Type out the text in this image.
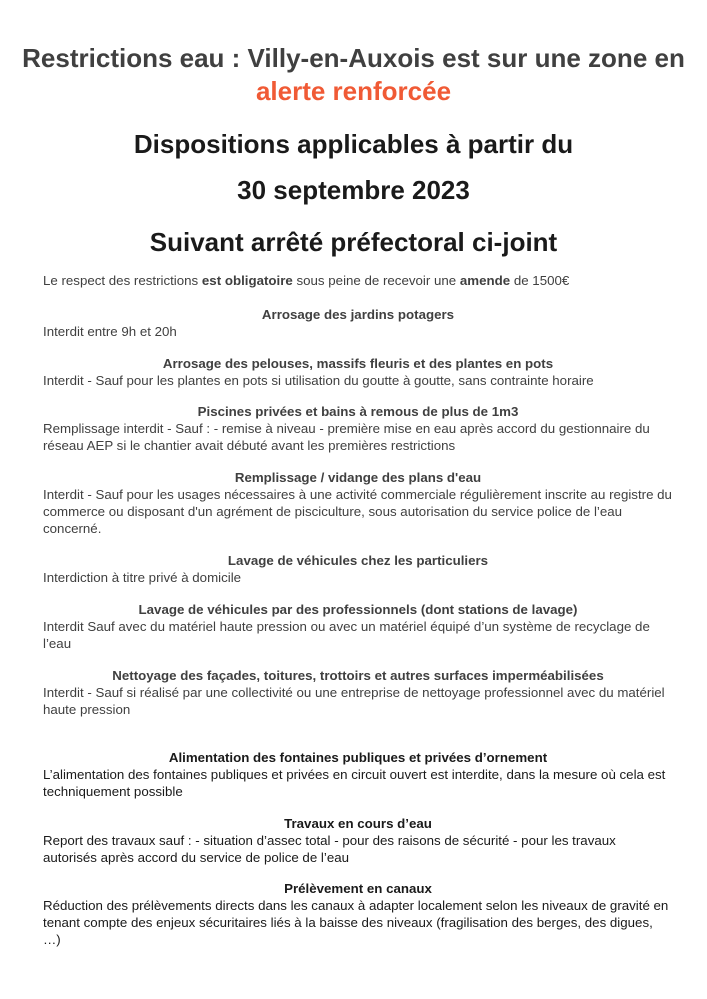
Restrictions eau : Villy-en-Auxois est sur une zone en alerte renforcée
Dispositions applicables à partir du
30 septembre 2023
Suivant arrêté préfectoral ci-joint
Le respect des restrictions est obligatoire sous peine de recevoir une amende de 1500€
Arrosage des jardins potagers
Interdit entre 9h et 20h
Arrosage des pelouses, massifs fleuris et des plantes en pots
Interdit - Sauf pour les plantes en pots si utilisation du goutte à goutte, sans contrainte horaire
Piscines privées et bains à remous de plus de 1m3
Remplissage interdit - Sauf : - remise à niveau - première mise en eau après accord du gestionnaire du réseau AEP si le chantier avait débuté avant les premières restrictions
Remplissage / vidange des plans d'eau
Interdit - Sauf pour les usages nécessaires à une activité commerciale régulièrement inscrite au registre du commerce ou disposant d'un agrément de pisciculture, sous autorisation du service police de l’eau concerné.
Lavage de véhicules chez les particuliers
Interdiction à titre privé à domicile
Lavage de véhicules par des professionnels (dont stations de lavage)
Interdit Sauf avec du matériel haute pression ou avec un matériel équipé d’un système de recyclage de l’eau
Nettoyage des façades, toitures, trottoirs et autres surfaces imperméabilisées
Interdit - Sauf si réalisé par une collectivité ou une entreprise de nettoyage professionnel avec du matériel haute pression
Alimentation des fontaines publiques et privées d’ornement
L’alimentation des fontaines publiques et privées en circuit ouvert est interdite, dans la mesure où cela est techniquement possible
Travaux en cours d’eau
Report des travaux sauf : - situation d’assec total - pour des raisons de sécurité - pour les travaux autorisés après accord du service de police de l’eau
Prélèvement en canaux
Réduction des prélèvements directs dans les canaux à adapter localement selon les niveaux de gravité en tenant compte des enjeux sécuritaires liés à la baisse des niveaux (fragilisation des berges, des digues, …)
